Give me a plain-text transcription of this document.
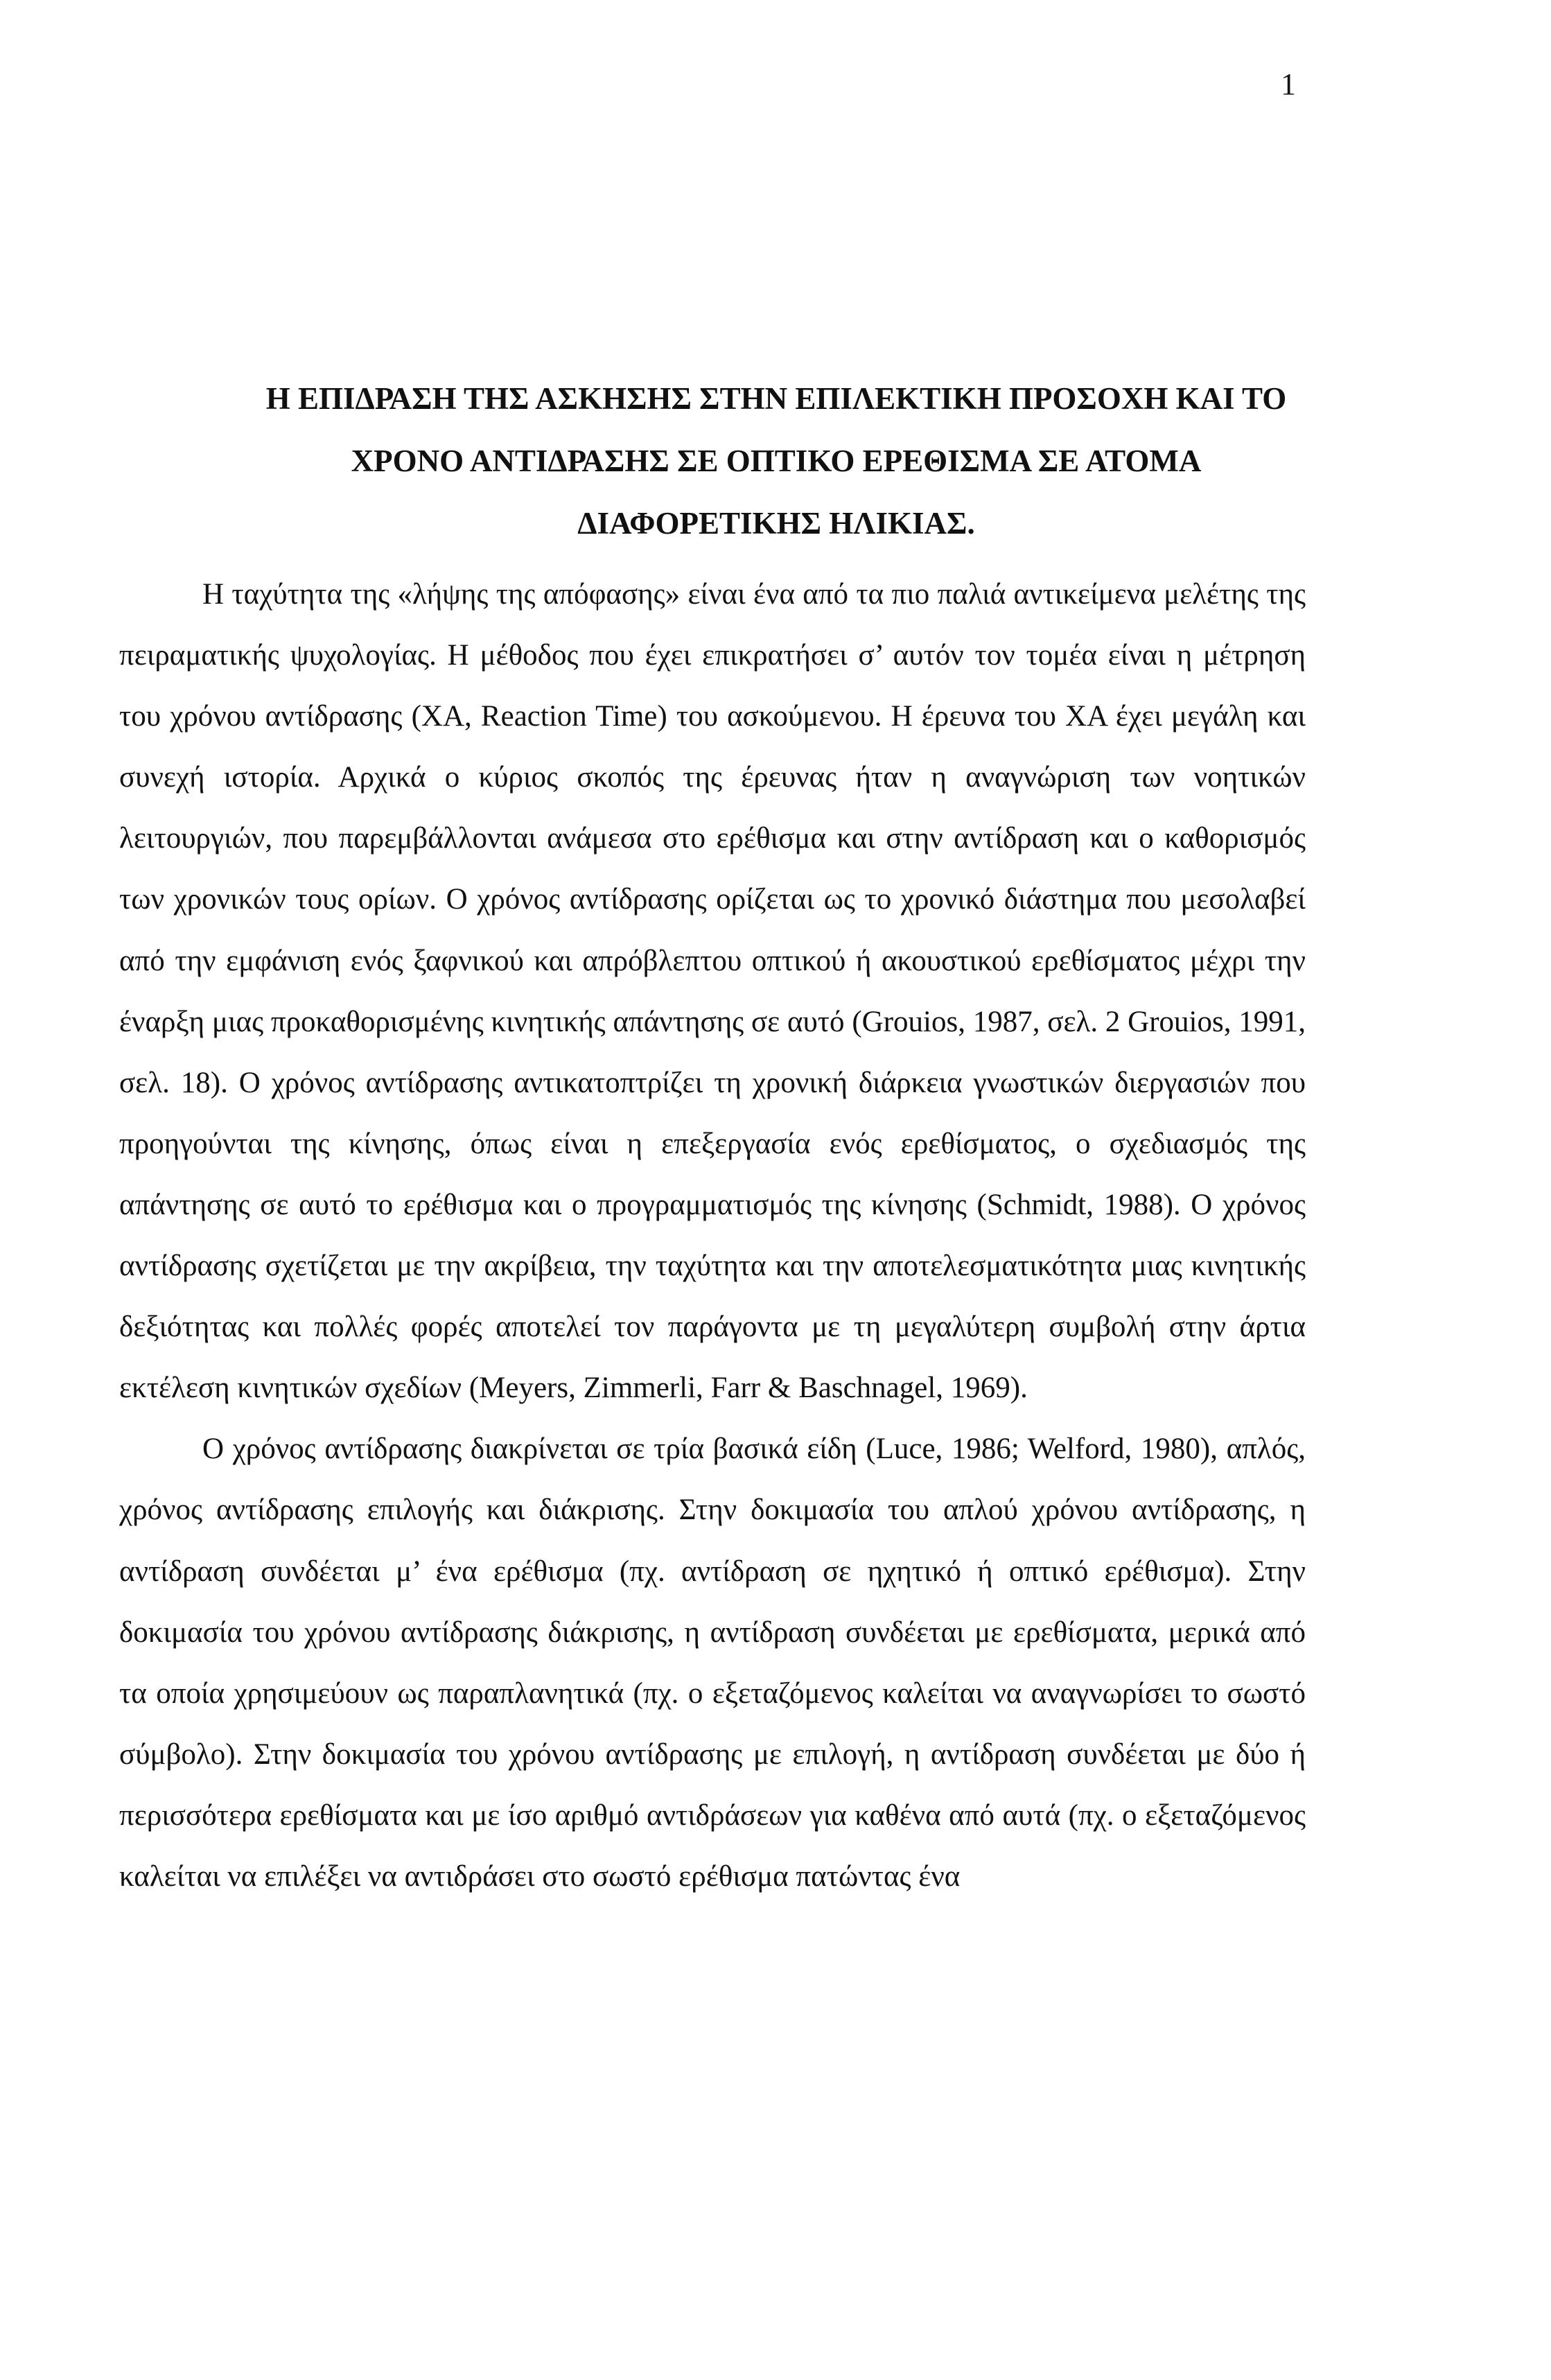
1
Η ΕΠΙΔΡΑΣΗ ΤΗΣ ΑΣΚΗΣΗΣ ΣΤΗΝ ΕΠΙΛΕΚΤΙΚΗ ΠΡΟΣΟΧΗ ΚΑΙ ΤΟ
ΧΡΟΝΟ ΑΝΤΙΔΡΑΣΗΣ ΣΕ ΟΠΤΙΚΟ ΕΡΕΘΙΣΜΑ ΣΕ ΑΤΟΜΑ
ΔΙΑΦΟΡΕΤΙΚΗΣ ΗΛΙΚΙΑΣ.

Η ταχύτητα της «λήψης της απόφασης» είναι ένα από τα πιο παλιά αντικείμενα μελέτης της πειραματικής ψυχολογίας. Η μέθοδος που έχει επικρατήσει σ’ αυτόν τον τομέα είναι η μέτρηση του χρόνου αντίδρασης (ΧΑ, Reaction Time) του ασκούμενου. Η έρευνα του ΧΑ έχει μεγάλη και συνεχή ιστορία. Αρχικά ο κύριος σκοπός της έρευνας ήταν η αναγνώριση των νοητικών λειτουργιών, που παρεμβάλλονται ανάμεσα στο ερέθισμα και στην αντίδραση και ο καθορισμός των χρονικών τους ορίων. Ο χρόνος αντίδρασης ορίζεται ως το χρονικό διάστημα που μεσολαβεί από την εμφάνιση ενός ξαφνικού και απρόβλεπτου οπτικού ή ακουστικού ερεθίσματος μέχρι την έναρξη μιας προκαθορισμένης κινητικής απάντησης σε αυτό (Grouios, 1987, σελ. 2 Grouios, 1991, σελ. 18). Ο χρόνος αντίδρασης αντικατοπτρίζει τη χρονική διάρκεια γνωστικών διεργασιών που προηγούνται της κίνησης, όπως είναι η επεξεργασία ενός ερεθίσματος, ο σχεδιασμός της απάντησης σε αυτό το ερέθισμα και ο προγραμματισμός της κίνησης (Schmidt, 1988). Ο χρόνος αντίδρασης σχετίζεται με την ακρίβεια, την ταχύτητα και την αποτελεσματικότητα μιας κινητικής δεξιότητας και πολλές φορές αποτελεί τον παράγοντα με τη μεγαλύτερη συμβολή στην άρτια εκτέλεση κινητικών σχεδίων (Meyers, Zimmerli, Farr & Baschnagel, 1969).

Ο χρόνος αντίδρασης διακρίνεται σε τρία βασικά είδη (Luce, 1986; Welford, 1980), απλός, χρόνος αντίδρασης επιλογής και διάκρισης. Στην δοκιμασία του απλού χρόνου αντίδρασης, η αντίδραση συνδέεται μ’ ένα ερέθισμα (πχ. αντίδραση σε ηχητικό ή οπτικό ερέθισμα). Στην δοκιμασία του χρόνου αντίδρασης διάκρισης, η αντίδραση συνδέεται με ερεθίσματα, μερικά από τα οποία χρησιμεύουν ως παραπλανητικά (πχ. ο εξεταζόμενος καλείται να αναγνωρίσει το σωστό σύμβολο). Στην δοκιμασία του χρόνου αντίδρασης με επιλογή, η αντίδραση συνδέεται με δύο ή περισσότερα ερεθίσματα και με ίσο αριθμό αντιδράσεων για καθένα από αυτά (πχ. ο εξεταζόμενος καλείται να επιλέξει να αντιδράσει στο σωστό ερέθισμα πατώντας ένα
